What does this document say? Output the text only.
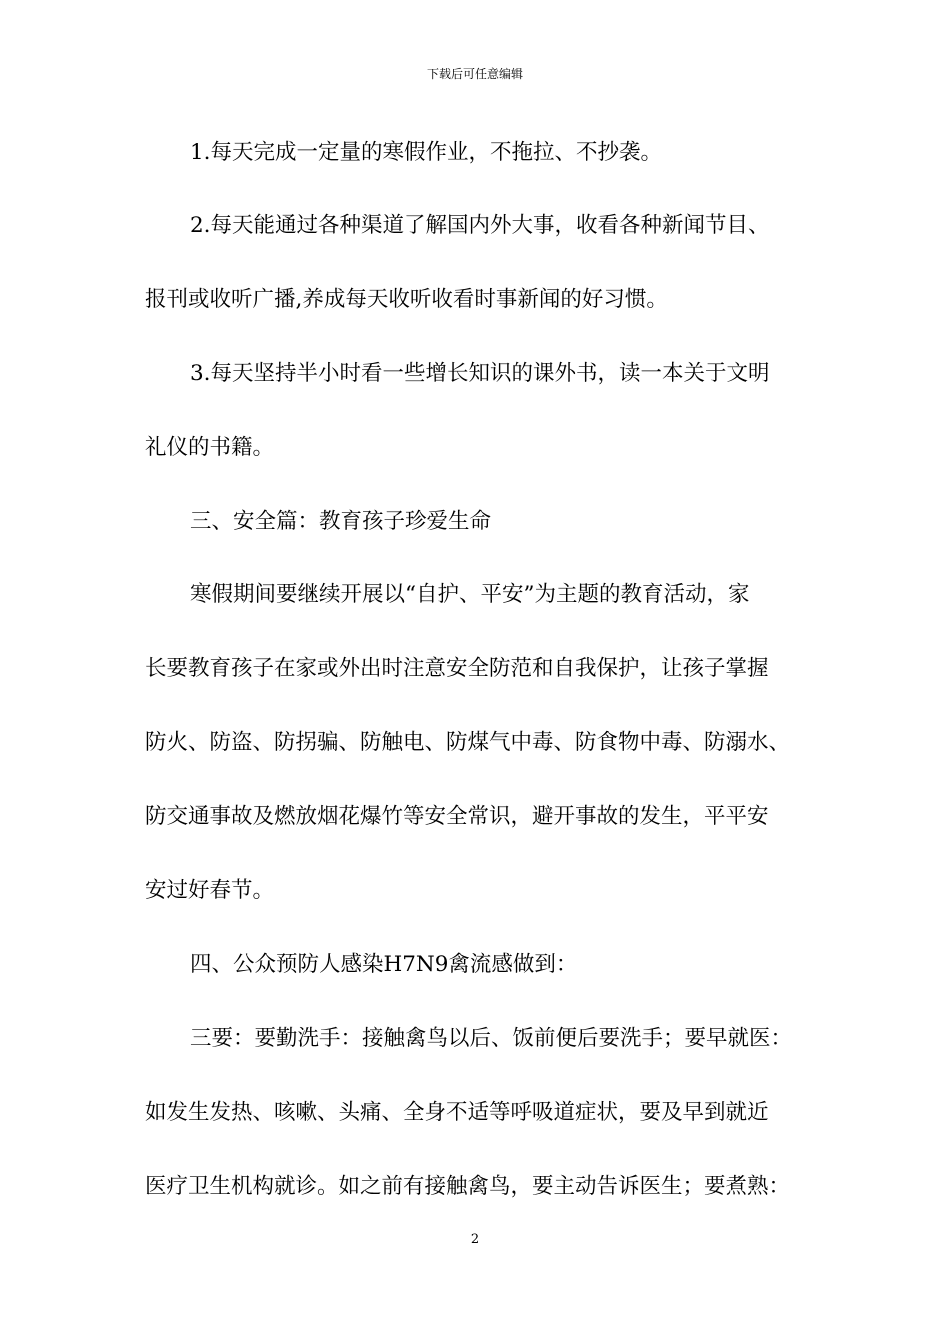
下载后可任意编辑
1.每天完成一定量的寒假作业，不拖拉、不抄袭。
2.每天能通过各种渠道了解国内外大事，收看各种新闻节目、
报刊或收听广播,养成每天收听收看时事新闻的好习惯。
3.每天坚持半小时看一些增长知识的课外书，读一本关于文明
礼仪的书籍。
三、安全篇：教育孩子珍爱生命
寒假期间要继续开展以“自护、平安”为主题的教育活动，家
长要教育孩子在家或外出时注意安全防范和自我保护，让孩子掌握
防火、防盗、防拐骗、防触电、防煤气中毒、防食物中毒、防溺水、
防交通事故及燃放烟花爆竹等安全常识，避开事故的发生，平平安
安过好春节。
四、公众预防人感染H7N9禽流感做到：
三要：要勤洗手：接触禽鸟以后、饭前便后要洗手；要早就医：
如发生发热、咳嗽、头痛、全身不适等呼吸道症状，要及早到就近
医疗卫生机构就诊。如之前有接触禽鸟，要主动告诉医生；要煮熟：
2
